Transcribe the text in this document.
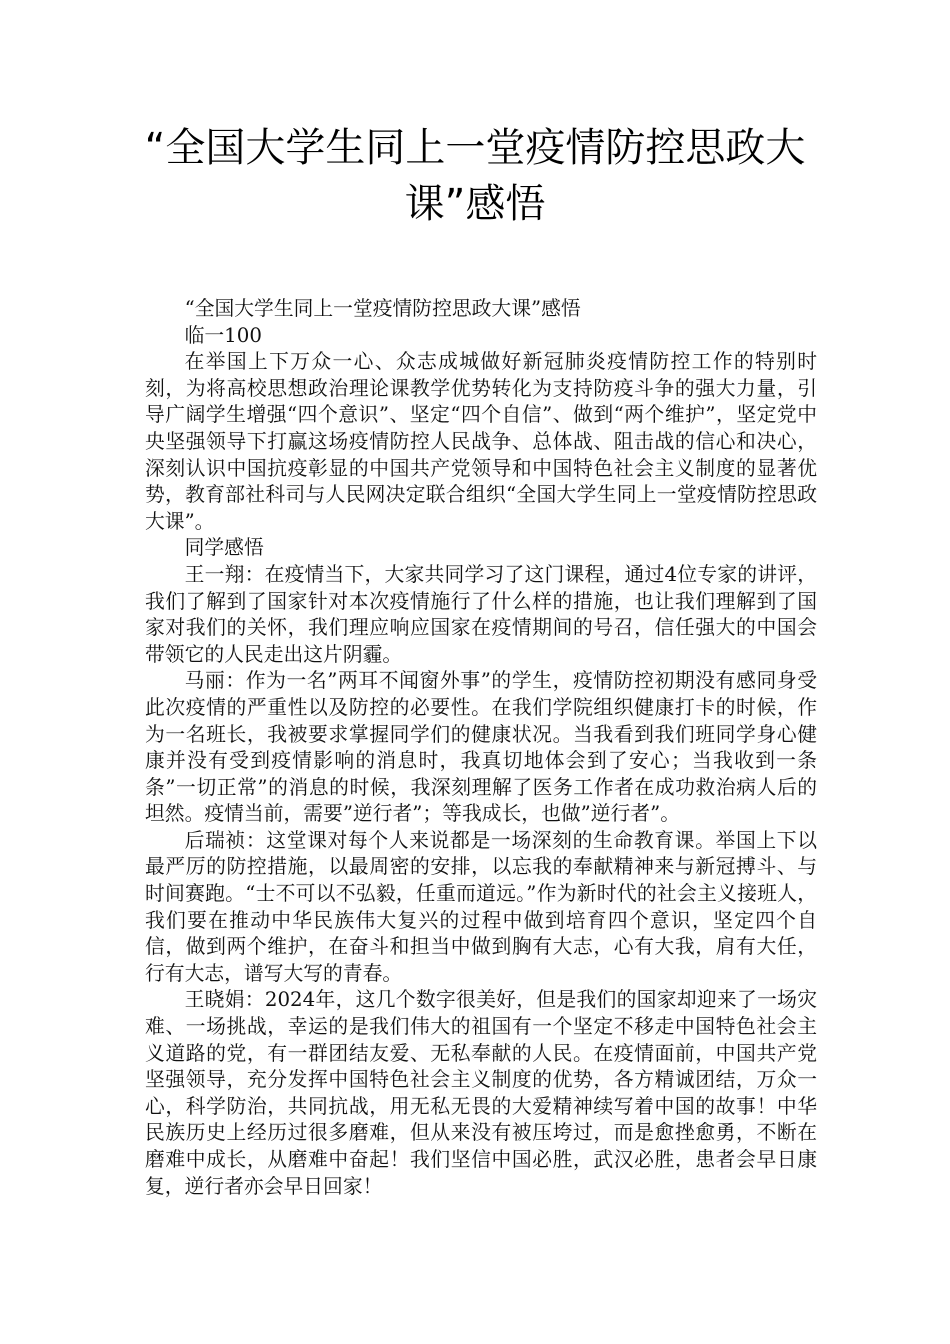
“全国大学生同上一堂疫情防控思政大课”感悟

“全国大学生同上一堂疫情防控思政大课”感悟

临一100

在举国上下万众一心、众志成城做好新冠肺炎疫情防控工作的特别时刻，为将高校思想政治理论课教学优势转化为支持防疫斗争的强大力量，引导广阔学生增强“四个意识”、坚定“四个自信”、做到“两个维护”，坚定党中央坚强领导下打赢这场疫情防控人民战争、总体战、阻击战的信心和决心，深刻认识中国抗疫彰显的中国共产党领导和中国特色社会主义制度的显著优势，教育部社科司与人民网决定联合组织“全国大学生同上一堂疫情防控思政大课”。

同学感悟

王一翔：在疫情当下，大家共同学习了这门课程，通过4位专家的讲评，我们了解到了国家针对本次疫情施行了什么样的措施，也让我们理解到了国家对我们的关怀，我们理应响应国家在疫情期间的号召，信任强大的中国会带领它的人民走出这片阴霾。

马丽：作为一名”两耳不闻窗外事”的学生，疫情防控初期没有感同身受此次疫情的严重性以及防控的必要性。在我们学院组织健康打卡的时候，作为一名班长，我被要求掌握同学们的健康状况。当我看到我们班同学身心健康并没有受到疫情影响的消息时，我真切地体会到了安心；当我收到一条条”一切正常”的消息的时候，我深刻理解了医务工作者在成功救治病人后的坦然。疫情当前，需要”逆行者”；等我成长，也做”逆行者”。

后瑞祯：这堂课对每个人来说都是一场深刻的生命教育课。举国上下以最严厉的防控措施，以最周密的安排，以忘我的奉献精神来与新冠搏斗、与时间赛跑。“士不可以不弘毅，任重而道远。”作为新时代的社会主义接班人，我们要在推动中华民族伟大复兴的过程中做到培育四个意识，坚定四个自信，做到两个维护，在奋斗和担当中做到胸有大志，心有大我，肩有大任，行有大志，谱写大写的青春。

王晓娟：2024年，这几个数字很美好，但是我们的国家却迎来了一场灾难、一场挑战，幸运的是我们伟大的祖国有一个坚定不移走中国特色社会主义道路的党，有一群团结友爱、无私奉献的人民。在疫情面前，中国共产党坚强领导，充分发挥中国特色社会主义制度的优势，各方精诚团结，万众一心，科学防治，共同抗战，用无私无畏的大爱精神续写着中国的故事！中华民族历史上经历过很多磨难，但从来没有被压垮过，而是愈挫愈勇，不断在磨难中成长，从磨难中奋起！我们坚信中国必胜，武汉必胜，患者会早日康复，逆行者亦会早日回家！
